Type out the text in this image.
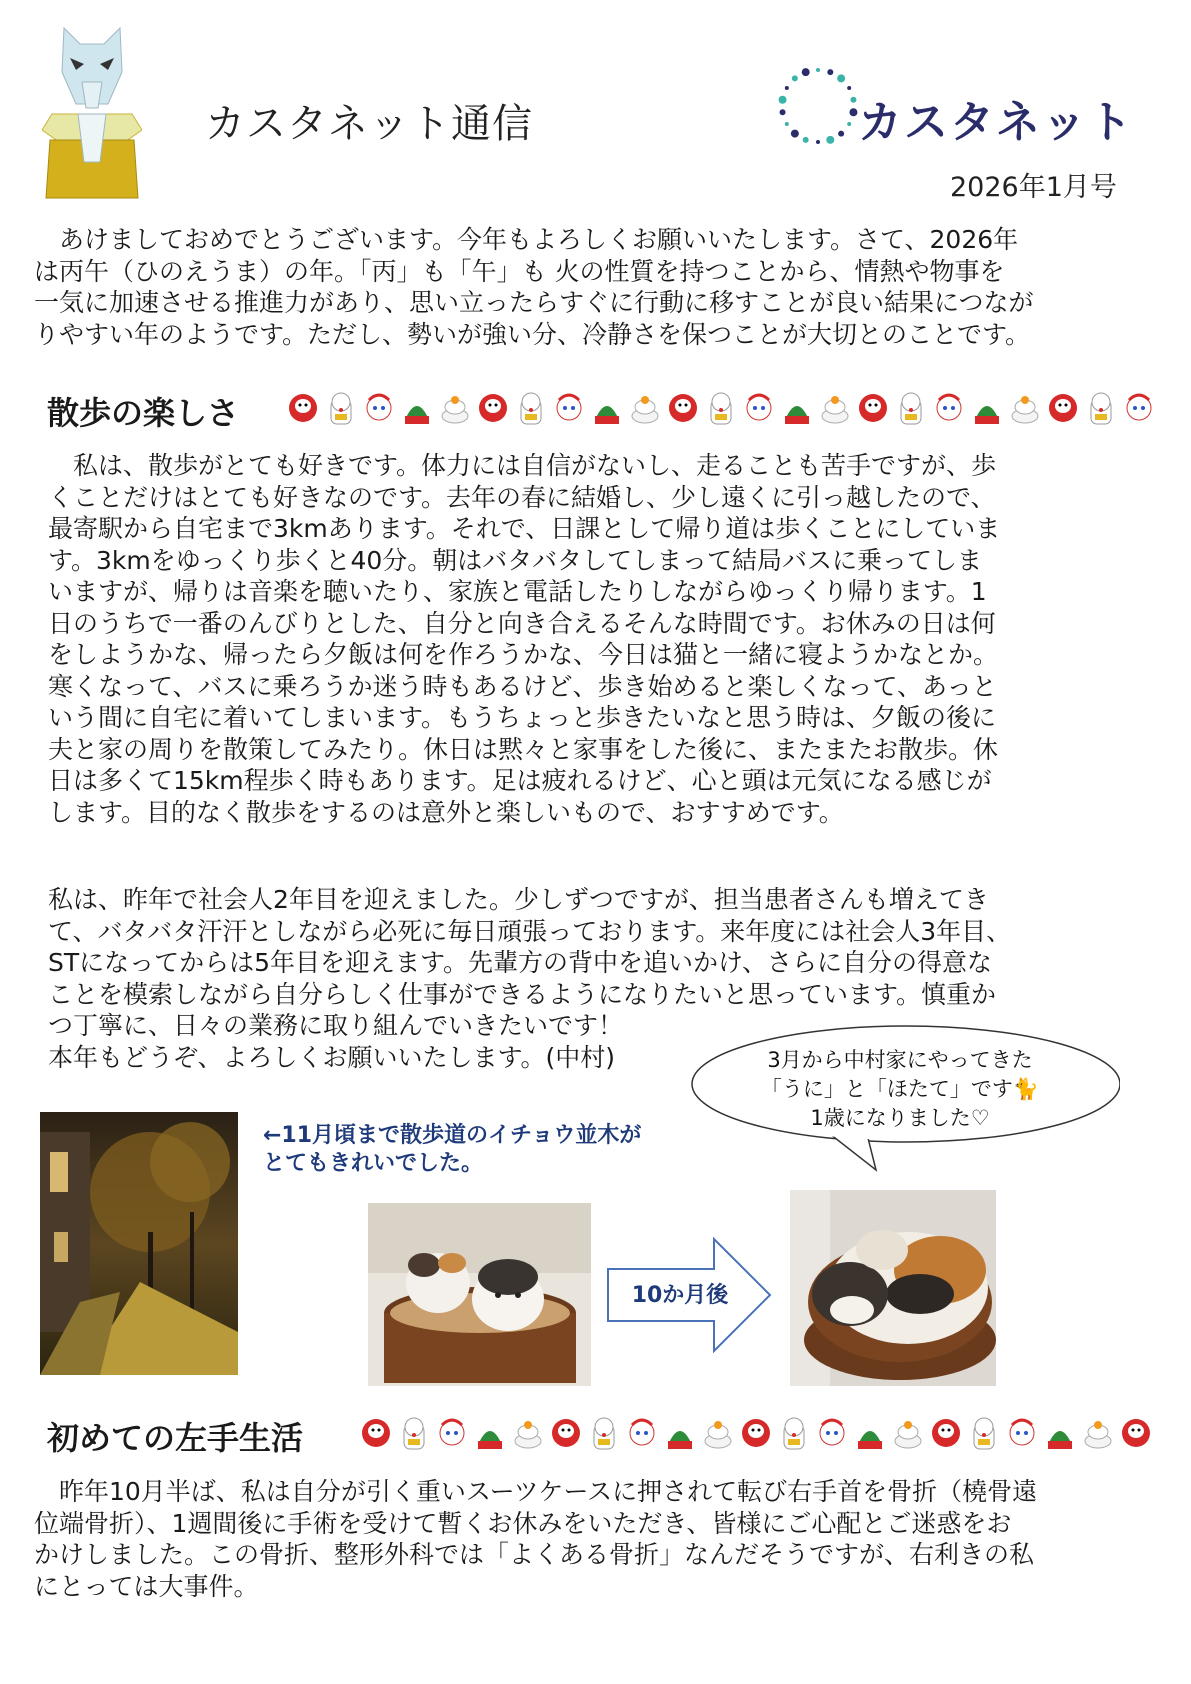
カスタネット通信	カスタネット
2026年1月号
　あけましておめでとうございます。今年もよろしくお願いいたします。さて、2026年
は丙午（ひのえうま）の年。「丙」も「午」も 火の性質を持つことから、情熱や物事を
一気に加速させる推進力があり、思い立ったらすぐに行動に移すことが良い結果につなが
りやすい年のようです。ただし、勢いが強い分、冷静さを保つことが大切とのことです。
散歩の楽しさ
　私は、散歩がとても好きです。体力には自信がないし、走ることも苦手ですが、歩
くことだけはとても好きなのです。去年の春に結婚し、少し遠くに引っ越したので、
最寄駅から自宅まで3kmあります。それで、日課として帰り道は歩くことにしていま
す。3kmをゆっくり歩くと40分。朝はバタバタしてしまって結局バスに乗ってしま
いますが、帰りは音楽を聴いたり、家族と電話したりしながらゆっくり帰ります。1
日のうちで一番のんびりとした、自分と向き合えるそんな時間です。お休みの日は何
をしようかな、帰ったら夕飯は何を作ろうかな、今日は猫と一緒に寝ようかなとか。
寒くなって、バスに乗ろうか迷う時もあるけど、歩き始めると楽しくなって、あっと
いう間に自宅に着いてしまいます。もうちょっと歩きたいなと思う時は、夕飯の後に
夫と家の周りを散策してみたり。休日は黙々と家事をした後に、またまたお散歩。休
日は多くて15km程歩く時もあります。足は疲れるけど、心と頭は元気になる感じが
します。目的なく散歩をするのは意外と楽しいもので、おすすめです。
私は、昨年で社会人2年目を迎えました。少しずつですが、担当患者さんも増えてき
て、バタバタ汗汗としながら必死に毎日頑張っております。来年度には社会人3年目、
STになってからは5年目を迎えます。先輩方の背中を追いかけ、さらに自分の得意な
ことを模索しながら自分らしく仕事ができるようになりたいと思っています。慎重か
つ丁寧に、日々の業務に取り組んでいきたいです！
本年もどうぞ、よろしくお願いいたします。(中村)	3月から中村家にやってきた
「うに」と「ほたて」です🐈
1歳になりました♡
←11月頃まで散歩道のイチョウ並木が
とてもきれいでした。
10か月後
初めての左手生活
　昨年10月半ば、私は自分が引く重いスーツケースに押されて転び右手首を骨折（橈骨遠
位端骨折）、1週間後に手術を受けて暫くお休みをいただき、皆様にご心配とご迷惑をお
かけしました。この骨折、整形外科では「よくある骨折」なんだそうですが、右利きの私
にとっては大事件。
